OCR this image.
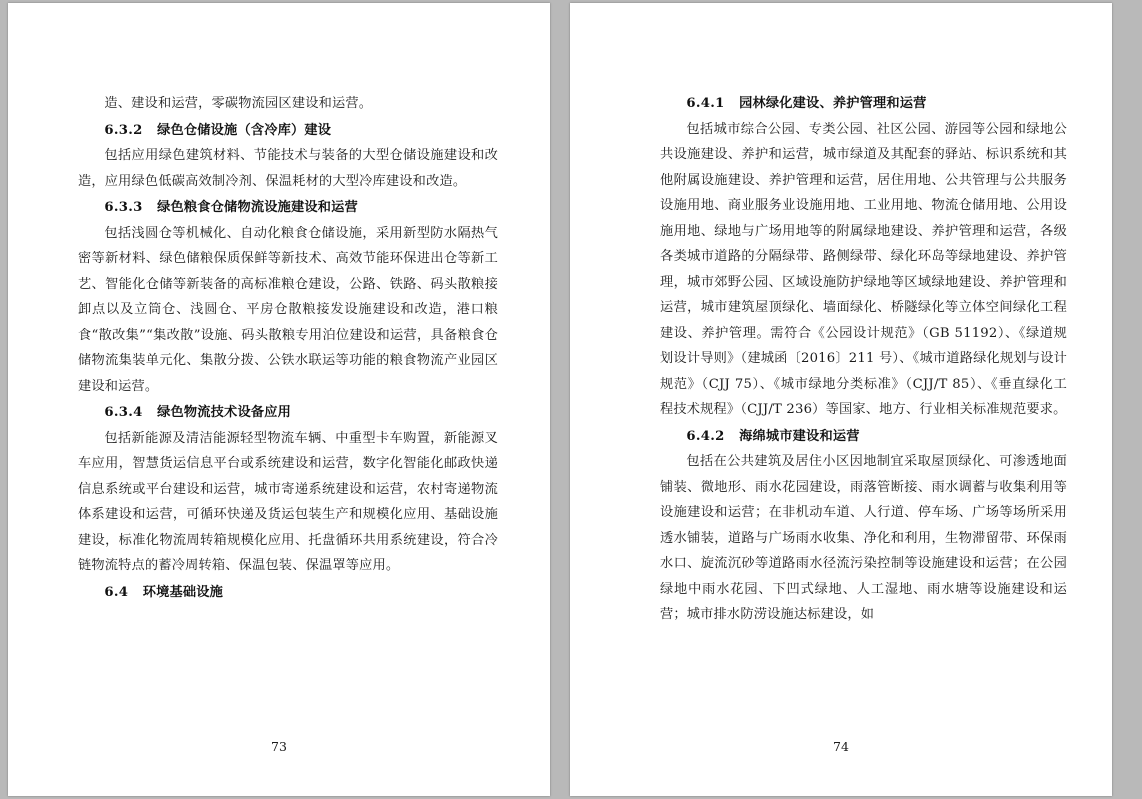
造、建设和运营，零碳物流园区建设和运营。

6.3.2 绿色仓储设施（含冷库）建设

包括应用绿色建筑材料、节能技术与装备的大型仓储设施建设和改造，应用绿色低碳高效制冷剂、保温耗材的大型冷库建设和改造。

6.3.3 绿色粮食仓储物流设施建设和运营

包括浅圆仓等机械化、自动化粮食仓储设施，采用新型防水隔热气密等新材料、绿色储粮保质保鲜等新技术、高效节能环保进出仓等新工艺、智能化仓储等新装备的高标准粮仓建设，公路、铁路、码头散粮接卸点以及立筒仓、浅圆仓、平房仓散粮接发设施建设和改造，港口粮食“散改集”“集改散”设施、码头散粮专用泊位建设和运营，具备粮食仓储物流集装单元化、集散分拨、公铁水联运等功能的粮食物流产业园区建设和运营。

6.3.4 绿色物流技术设备应用

包括新能源及清洁能源轻型物流车辆、中重型卡车购置，新能源叉车应用，智慧货运信息平台或系统建设和运营，数字化智能化邮政快递信息系统或平台建设和运营，城市寄递系统建设和运营，农村寄递物流体系建设和运营，可循环快递及货运包装生产和规模化应用、基础设施建设，标准化物流周转箱规模化应用、托盘循环共用系统建设，符合冷链物流特点的蓄冷周转箱、保温包装、保温罩等应用。

6.4 环境基础设施
73
6.4.1 园林绿化建设、养护管理和运营

包括城市综合公园、专类公园、社区公园、游园等公园和绿地公共设施建设、养护和运营，城市绿道及其配套的驿站、标识系统和其他附属设施建设、养护管理和运营，居住用地、公共管理与公共服务设施用地、商业服务业设施用地、工业用地、物流仓储用地、公用设施用地、绿地与广场用地等的附属绿地建设、养护管理和运营，各级各类城市道路的分隔绿带、路侧绿带、绿化环岛等绿地建设、养护管理，城市郊野公园、区域设施防护绿地等区域绿地建设、养护管理和运营，城市建筑屋顶绿化、墙面绿化、桥隧绿化等立体空间绿化工程建设、养护管理。需符合《公园设计规范》（GB 51192）、《绿道规划设计导则》（建城函〔2016〕211 号）、《城市道路绿化规划与设计规范》（CJJ 75）、《城市绿地分类标准》（CJJ/T 85）、《垂直绿化工程技术规程》（CJJ/T 236）等国家、地方、行业相关标准规范要求。

6.4.2 海绵城市建设和运营

包括在公共建筑及居住小区因地制宜采取屋顶绿化、可渗透地面铺装、微地形、雨水花园建设，雨落管断接、雨水调蓄与收集利用等设施建设和运营；在非机动车道、人行道、停车场、广场等场所采用透水铺装，道路与广场雨水收集、净化和利用，生物滞留带、环保雨水口、旋流沉砂等道路雨水径流污染控制等设施建设和运营；在公园绿地中雨水花园、下凹式绿地、人工湿地、雨水塘等设施建设和运营；城市排水防涝设施达标建设，如

74
